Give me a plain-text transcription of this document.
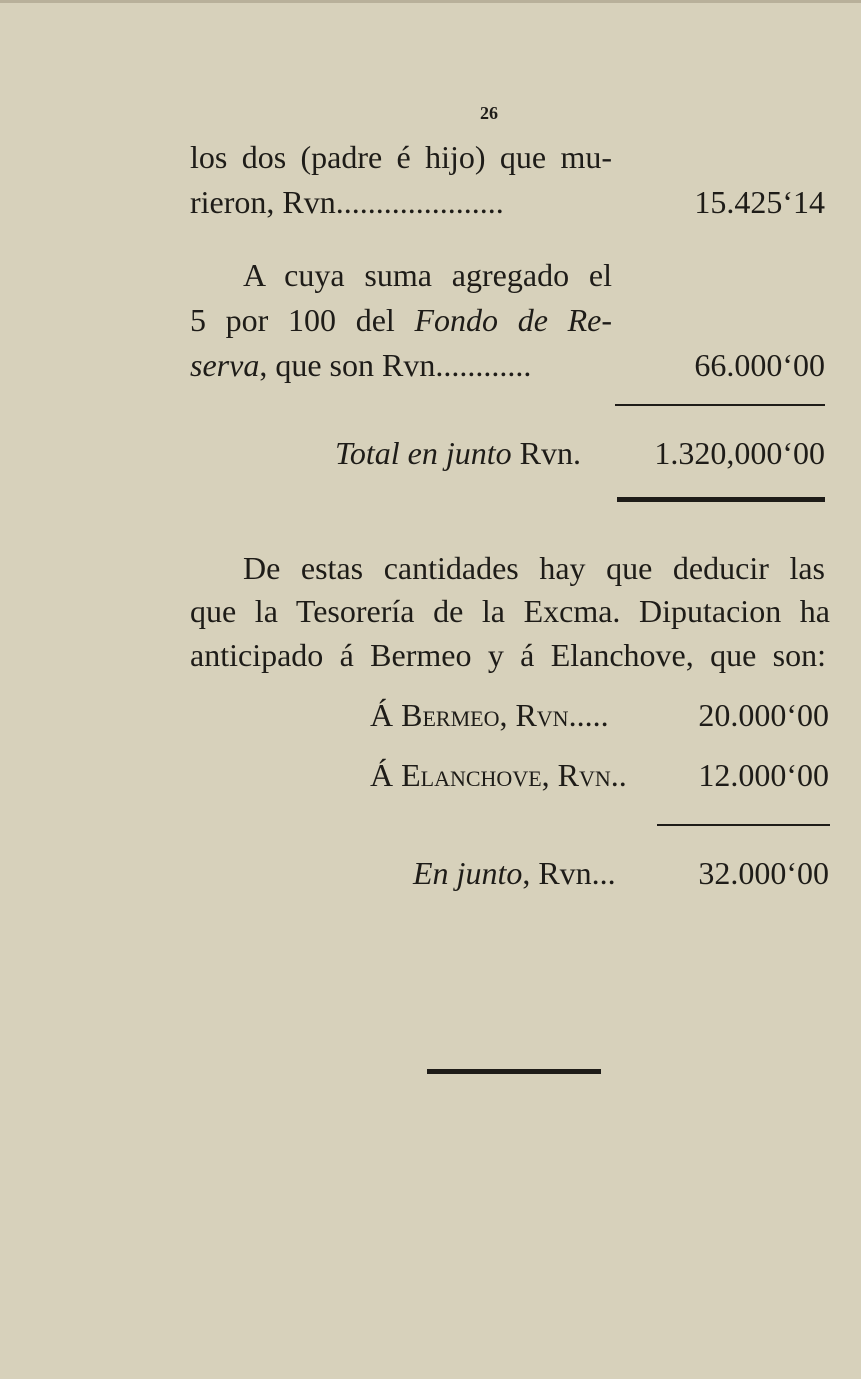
26
los dos (padre é hijo) que mu-
rieron, Rvn.....................	15.425‘14
A cuya suma agregado el
5 por 100 del Fondo de Re-
serva, que son Rvn............	66.000‘00
Total en junto Rvn. 1.320,000‘00
De estas cantidades hay que deducir las
que la Tesorería de la Excma. Diputacion ha
anticipado á Bermeo y á Elanchove, que son:
Á Bermeo, Rvn.....	20.000‘00
Á Elanchove, Rvn.. 12.000‘00
En junto, Rvn...	32.000‘00
